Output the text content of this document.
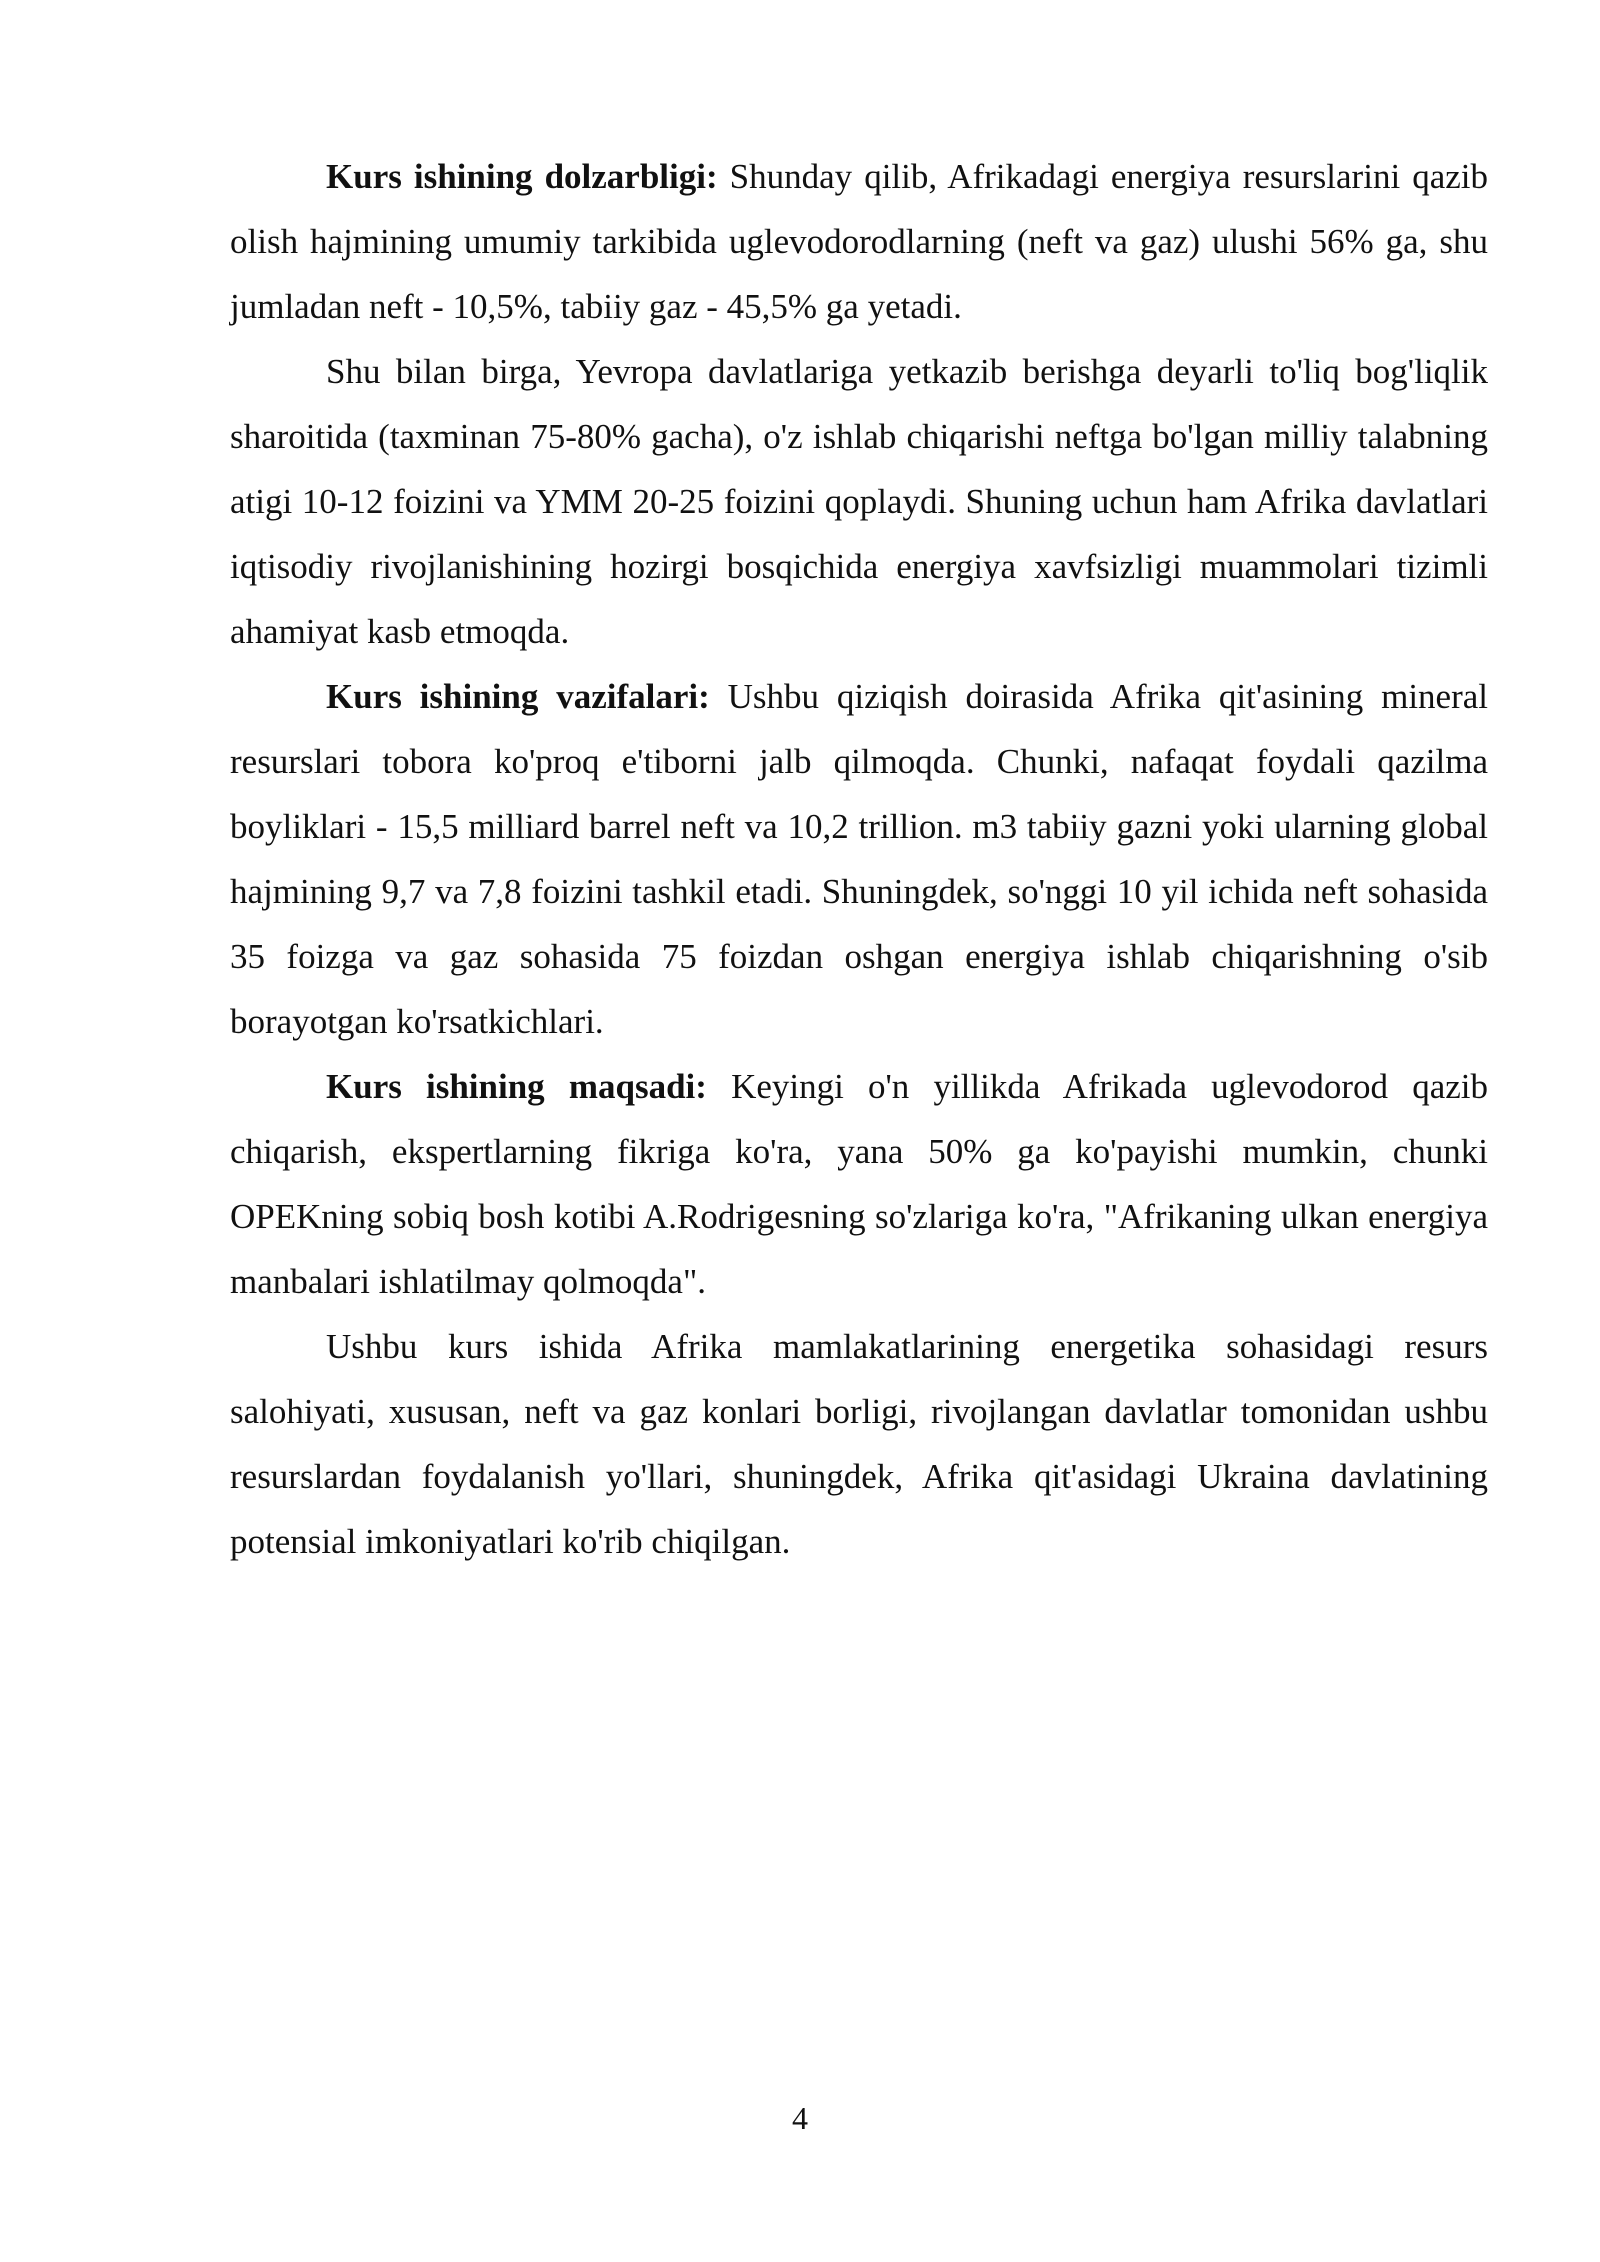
Kurs ishining dolzarbligi: Shunday qilib, Afrikadagi energiya resurslarini qazib olish hajmining umumiy tarkibida uglevodorodlarning (neft va gaz) ulushi 56% ga, shu jumladan neft - 10,5%, tabiiy gaz - 45,5% ga yetadi.

Shu bilan birga, Yevropa davlatlariga yetkazib berishga deyarli to'liq bog'liqlik sharoitida (taxminan 75-80% gacha), o'z ishlab chiqarishi neftga bo'lgan milliy talabning atigi 10-12 foizini va YMM 20-25 foizini qoplaydi. Shuning uchun ham Afrika davlatlari iqtisodiy rivojlanishining hozirgi bosqichida energiya xavfsizligi muammolari tizimli ahamiyat kasb etmoqda.

Kurs ishining vazifalari: Ushbu qiziqish doirasida Afrika qit'asining mineral resurslari tobora ko'proq e'tiborni jalb qilmoqda. Chunki, nafaqat foydali qazilma boyliklari - 15,5 milliard barrel neft va 10,2 trillion. m3 tabiiy gazni yoki ularning global hajmining 9,7 va 7,8 foizini tashkil etadi. Shuningdek, so'nggi 10 yil ichida neft sohasida 35 foizga va gaz sohasida 75 foizdan oshgan energiya ishlab chiqarishning o'sib borayotgan ko'rsatkichlari.

Kurs ishining maqsadi: Keyingi o'n yillikda Afrikada uglevodorod qazib chiqarish, ekspertlarning fikriga ko'ra, yana 50% ga ko'payishi mumkin, chunki OPEKning sobiq bosh kotibi A.Rodrigesning so'zlariga ko'ra, "Afrikaning ulkan energiya manbalari ishlatilmay qolmoqda".

Ushbu kurs ishida Afrika mamlakatlarining energetika sohasidagi resurs salohiyati, xususan, neft va gaz konlari borligi, rivojlangan davlatlar tomonidan ushbu resurslardan foydalanish yo'llari, shuningdek, Afrika qit'asidagi Ukraina davlatining potensial imkoniyatlari ko'rib chiqilgan.

4
